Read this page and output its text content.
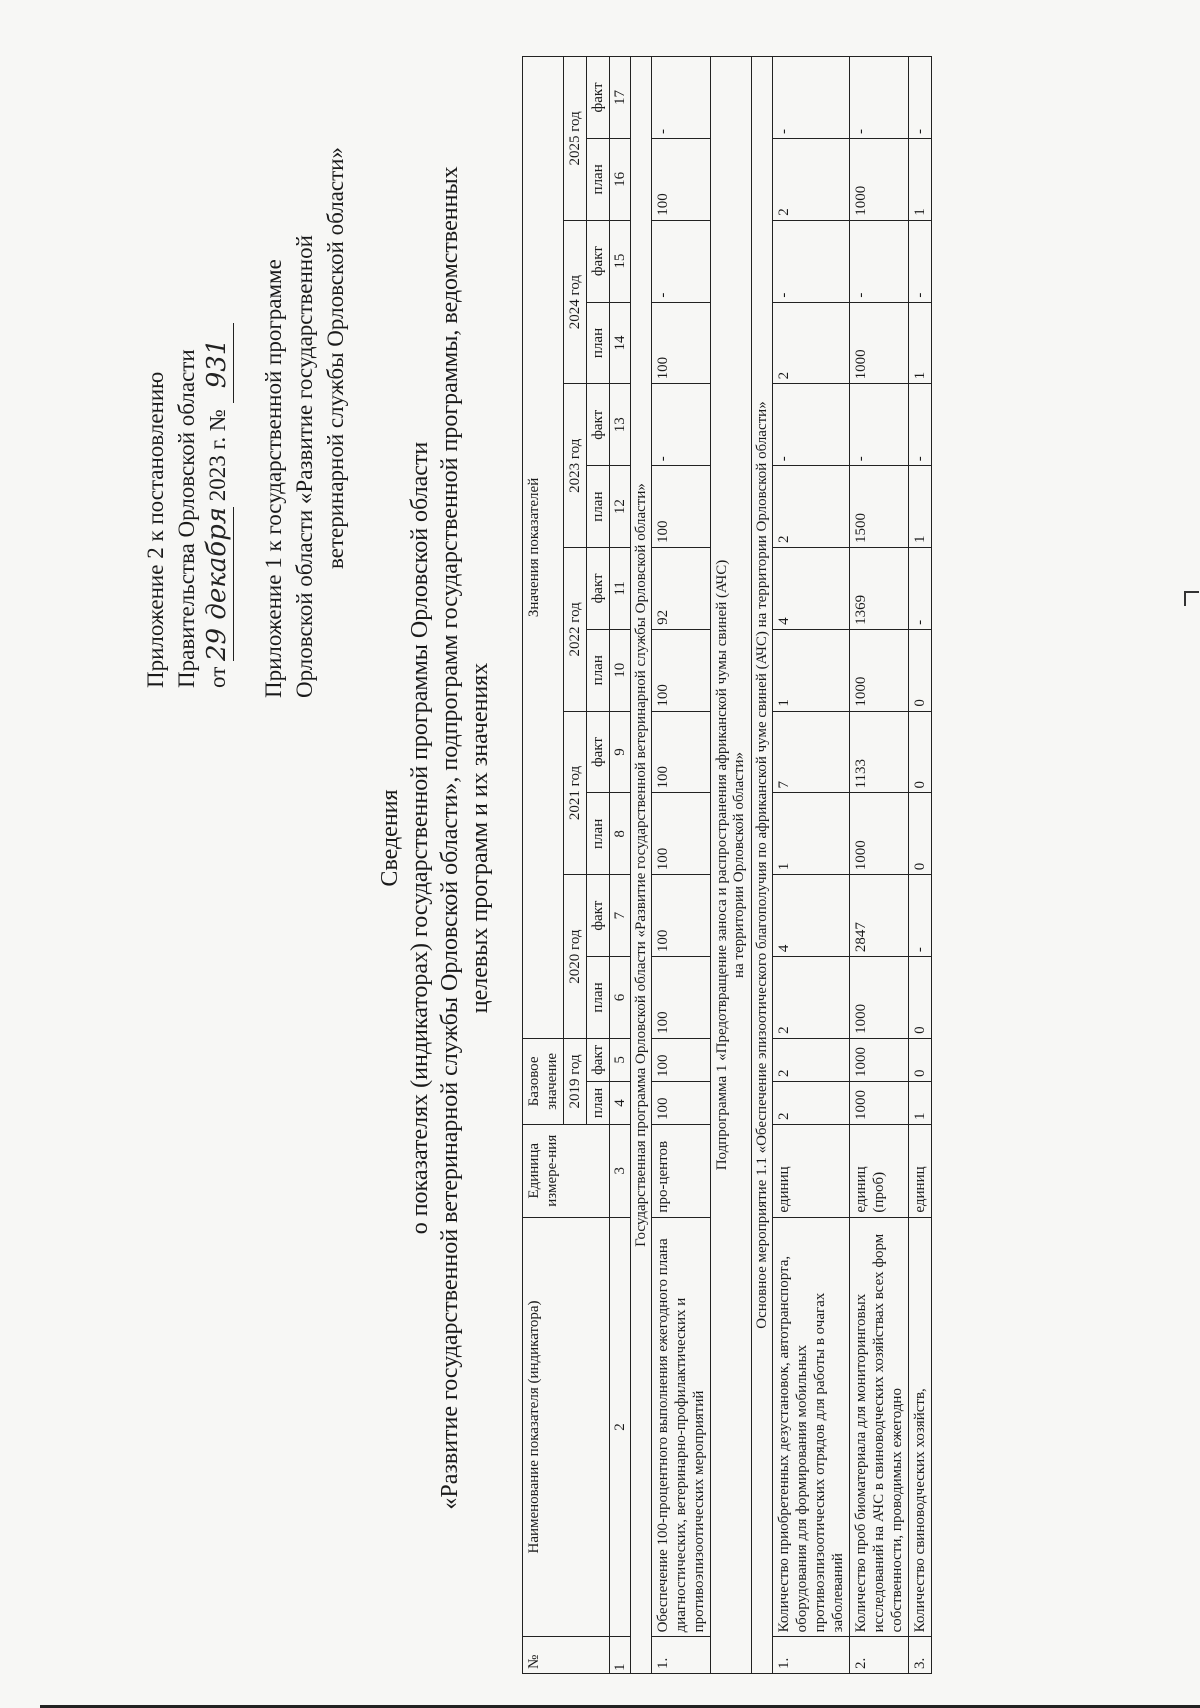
Приложение 2 к постановлению Правительства Орловской области от 29 декабря 2023 г. № 931 Приложение 1 к государственной программе Орловской области «Развитие государственной ветеринарной службы Орловской области»
Сведения о показателях (индикаторах) государственной программы Орловской области «Развитие государственной ветеринарной службы Орловской области», подпрограмм государственной программы, ведомственных целевых программ и их значениях
№	Наименование показателя (индикатора)	Единица измере-ния	Базовое значение		Значения показателей											
			2019 год		2020 год		2021 год		2022 год		2023 год		2024 год		2025 год	
			план	факт	план	факт	план	факт	план	факт	план	факт	план	факт	план	факт
1	2	3	4	5	6	7	8	9	10	11	12	13	14	15	16	17
Государственная программа Орловской области «Развитие государственной ветеринарной службы Орловской области»																
1.	Обеспечение 100-процентного выполнения ежегодного плана диагностических, ветеринарно-профилактических и противоэпизоотических мероприятий	про-центов	100	100	100	100	100	100	100	92	100	-	100	-	100	-

Подпрограмма 1 «Предотвращение заноса и распространения африканской чумы свиней (АЧС) на территории Орловской области»																

Основное мероприятие 1.1 «Обеспечение эпизоотического благополучия по африканской чуме свиней (АЧС) на территории Орловской области»																
1.	Количество приобретенных дезустановок, автотранспорта, оборудования для формирования мобильных противоэпизоотических отрядов для работы в очагах заболеваний	единиц	2	2	2	4	1	7	1	4	2	-	2	-	2	-
2.	Количество проб биоматериала для мониторинговых исследований на АЧС в свиноводческих хозяйствах всех форм собственности, проводимых ежегодно	единиц (проб)	1000	1000	1000	2847	1000	1133	1000	1369	1500	-	1000	-	1000	-
3.	Количество свиноводческих хозяйств,	единиц	1	0	0	-	0	0	0	-	1	-	1	-	1	-
